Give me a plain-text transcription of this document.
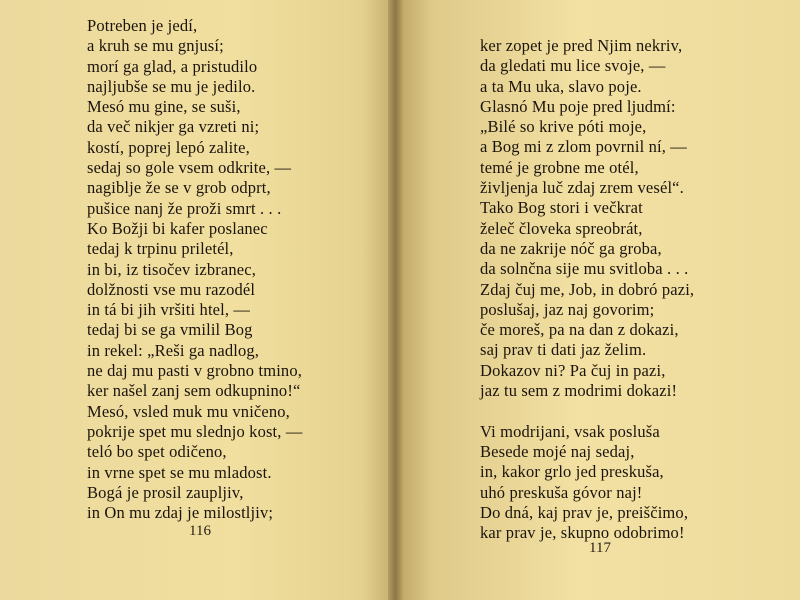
Potreben je jedí,
a kruh se mu gnjusí;
morí ga glad, a pristudilo
najljubše se mu je jedilo.
Mesó mu gine, se suši,
da več nikjer ga vzreti ni;
kostí, poprej lepó zalite,
sedaj so gole vsem odkrite, —
nagiblje že se v grob odprt,
pušice nanj že proži smrt . . .
Ko Božji bi kafer poslanec
tedaj k trpinu priletél,
in bi, iz tisočev izbranec,
dolžnosti vse mu razodél
in tá bi jih vršiti htel, —
tedaj bi se ga vmilil Bog
in rekel: „Reši ga nadlog,
ne daj mu pasti v grobno tmino,
ker našel zanj sem odkupnino!“
Mesó, vsled muk mu vničeno,
pokrije spet mu slednjo kost, —
teló bo spet odičeno,
in vrne spet se mu mladost.
Bogá je prosil zaupljiv,
in On mu zdaj je milostljiv;
ker zopet je pred Njim nekriv,
da gledati mu lice svoje, —
a ta Mu uka, slavo poje.
Glasnó Mu poje pred ljudmí:
„Bilé so krive póti moje,
a Bog mi z zlom povrnil ní, —
temé je grobne me otél,
življenja luč zdaj zrem vesél“.
Tako Bog stori i večkrat
želeč človeka spreobrát,
da ne zakrije nóč ga groba,
da solnčna sije mu svitloba . . .
Zdaj čuj me, Job, in dobró pazi,
poslušaj, jaz naj govorim;
če moreš, pa na dan z dokazi,
saj prav ti dati jaz želim.
Dokazov ni? Pa čuj in pazi,
jaz tu sem z modrimi dokazi!
Vi modrijani, vsak posluša
Besede mojé naj sedaj,
in, kakor grlo jed preskuša,
uhó preskuša góvor naj!
Do dná, kaj prav je, preiščimo,
kar prav je, skupno odobrimo!
116
117
